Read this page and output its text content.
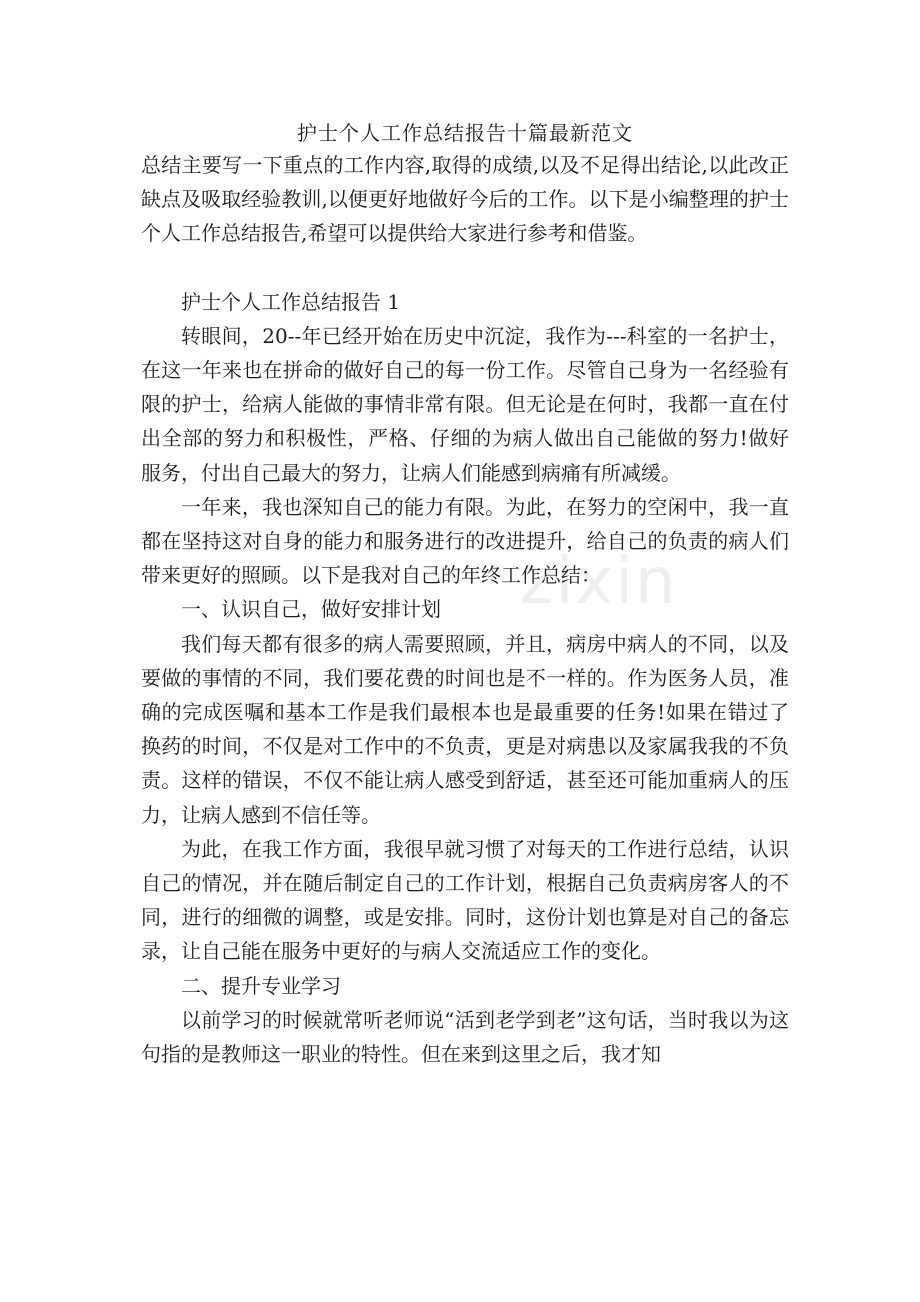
护士个人工作总结报告十篇最新范文

总结主要写一下重点的工作内容,取得的成绩,以及不足得出结论,以此改正缺点及吸取经验教训,以便更好地做好今后的工作。以下是小编整理的护士个人工作总结报告,希望可以提供给大家进行参考和借鉴。

护士个人工作总结报告 1

转眼间，20--年已经开始在历史中沉淀，我作为---科室的一名护士，在这一年来也在拼命的做好自己的每一份工作。尽管自己身为一名经验有限的护士，给病人能做的事情非常有限。但无论是在何时，我都一直在付出全部的努力和积极性，严格、仔细的为病人做出自己能做的努力!做好服务，付出自己最大的努力，让病人们能感到病痛有所减缓。

一年来，我也深知自己的能力有限。为此，在努力的空闲中，我一直都在坚持这对自身的能力和服务进行的改进提升，给自己的负责的病人们带来更好的照顾。以下是我对自己的年终工作总结：

一、认识自己，做好安排计划

我们每天都有很多的病人需要照顾，并且，病房中病人的不同，以及要做的事情的不同，我们要花费的时间也是不一样的。作为医务人员，准确的完成医嘱和基本工作是我们最根本也是最重要的任务!如果在错过了换药的时间，不仅是对工作中的不负责，更是对病患以及家属我我的不负责。这样的错误，不仅不能让病人感受到舒适，甚至还可能加重病人的压力，让病人感到不信任等。

为此，在我工作方面，我很早就习惯了对每天的工作进行总结，认识自己的情况，并在随后制定自己的工作计划，根据自己负责病房客人的不同，进行的细微的调整，或是安排。同时，这份计划也算是对自己的备忘录，让自己能在服务中更好的与病人交流适应工作的变化。

二、提升专业学习

以前学习的时候就常听老师说“活到老学到老”这句话，当时我以为这句指的是教师这一职业的特性。但在来到这里之后，我才知

zixin
